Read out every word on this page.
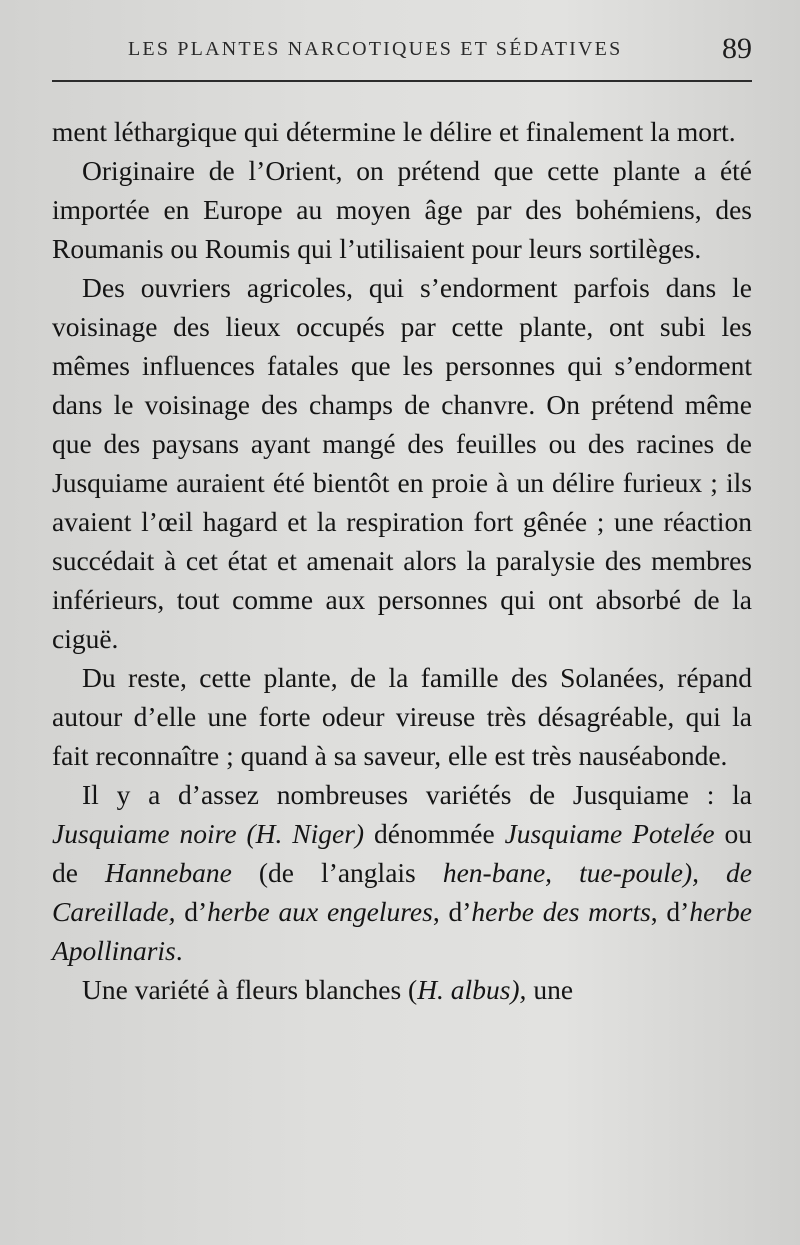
LES PLANTES NARCOTIQUES ET SÉDATIVES	89

ment léthargique qui détermine le délire et finalement la mort.

Originaire de l’Orient, on prétend que cette plante a été importée en Europe au moyen âge par des bohémiens, des Roumanis ou Roumis qui l’utilisaient pour leurs sortilèges.

Des ouvriers agricoles, qui s’endorment parfois dans le voisinage des lieux occupés par cette plante, ont subi les mêmes influences fatales que les personnes qui s’endorment dans le voisinage des champs de chanvre. On prétend même que des paysans ayant mangé des feuilles ou des racines de Jusquiame auraient été bientôt en proie à un délire furieux ; ils avaient l’œil hagard et la respiration fort gênée ; une réaction succédait à cet état et amenait alors la paralysie des membres inférieurs, tout comme aux personnes qui ont absorbé de la ciguë.

Du reste, cette plante, de la famille des Solanées, répand autour d’elle une forte odeur vireuse très désagréable, qui la fait reconnaître ; quand à sa saveur, elle est très nauséabonde.

Il y a d’assez nombreuses variétés de Jusquiame : la Jusquiame noire (H. Niger) dénommée Jusquiame Potelée ou de Hannebane (de l’anglais hen-bane, tue-poule), de Careillade, d’herbe aux engelures, d’herbe des morts, d’herbe Apollinaris.

Une variété à fleurs blanches (H. albus), une
